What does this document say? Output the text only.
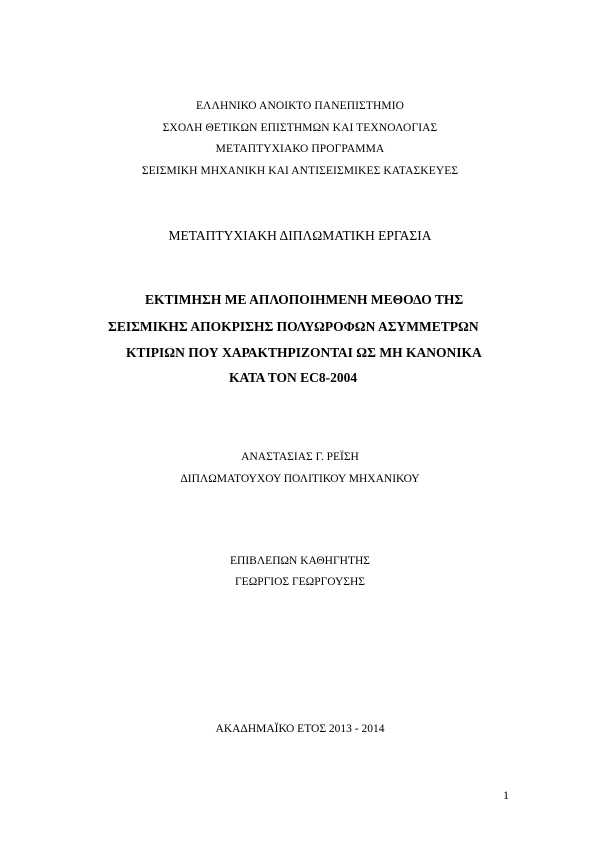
ΕΛΛΗΝΙΚΟ ΑΝΟΙΚΤΟ ΠΑΝΕΠΙΣΤΗΜΙΟ
ΣΧΟΛΗ ΘΕΤΙΚΩΝ ΕΠΙΣΤΗΜΩΝ ΚΑΙ ΤΕΧΝΟΛΟΓΙΑΣ
ΜΕΤΑΠΤΥΧΙΑΚΟ ΠΡΟΓΡΑΜΜΑ
ΣΕΙΣΜΙΚΗ ΜΗΧΑΝΙΚΗ ΚΑΙ ΑΝΤΙΣΕΙΣΜΙΚΕΣ ΚΑΤΑΣΚΕΥΕΣ
ΜΕΤΑΠΤΥΧΙΑΚΗ ΔΙΠΛΩΜΑΤΙΚΗ ΕΡΓΑΣΙΑ
ΕΚΤΙΜΗΣΗ ΜΕ ΑΠΛΟΠΟΙΗΜΕΝΗ ΜΕΘΟΔΟ ΤΗΣ
ΣΕΙΣΜΙΚΗΣ ΑΠΟΚΡΙΣΗΣ ΠΟΛΥΩΡΟΦΩΝ ΑΣΥΜΜΕΤΡΩΝ
ΚΤΙΡΙΩΝ ΠΟΥ ΧΑΡΑΚΤΗΡΙΖΟΝΤΑΙ ΩΣ ΜΗ ΚΑΝΟΝΙΚΑ
ΚΑΤΑ ΤΟΝ EC8-2004
ΑΝΑΣΤΑΣΙΑΣ Γ. ΡΕΪΣΗ
ΔΙΠΛΩΜΑΤΟΥΧΟΥ ΠΟΛΙΤΙΚΟΥ ΜΗΧΑΝΙΚΟΥ
ΕΠΙΒΛΕΠΩΝ ΚΑΘΗΓΗΤΗΣ
ΓΕΩΡΓΙΟΣ ΓΕΩΡΓΟΥΣΗΣ
ΑΚΑΔΗΜΑΪΚΟ ΕΤΟΣ 2013 - 2014
1
